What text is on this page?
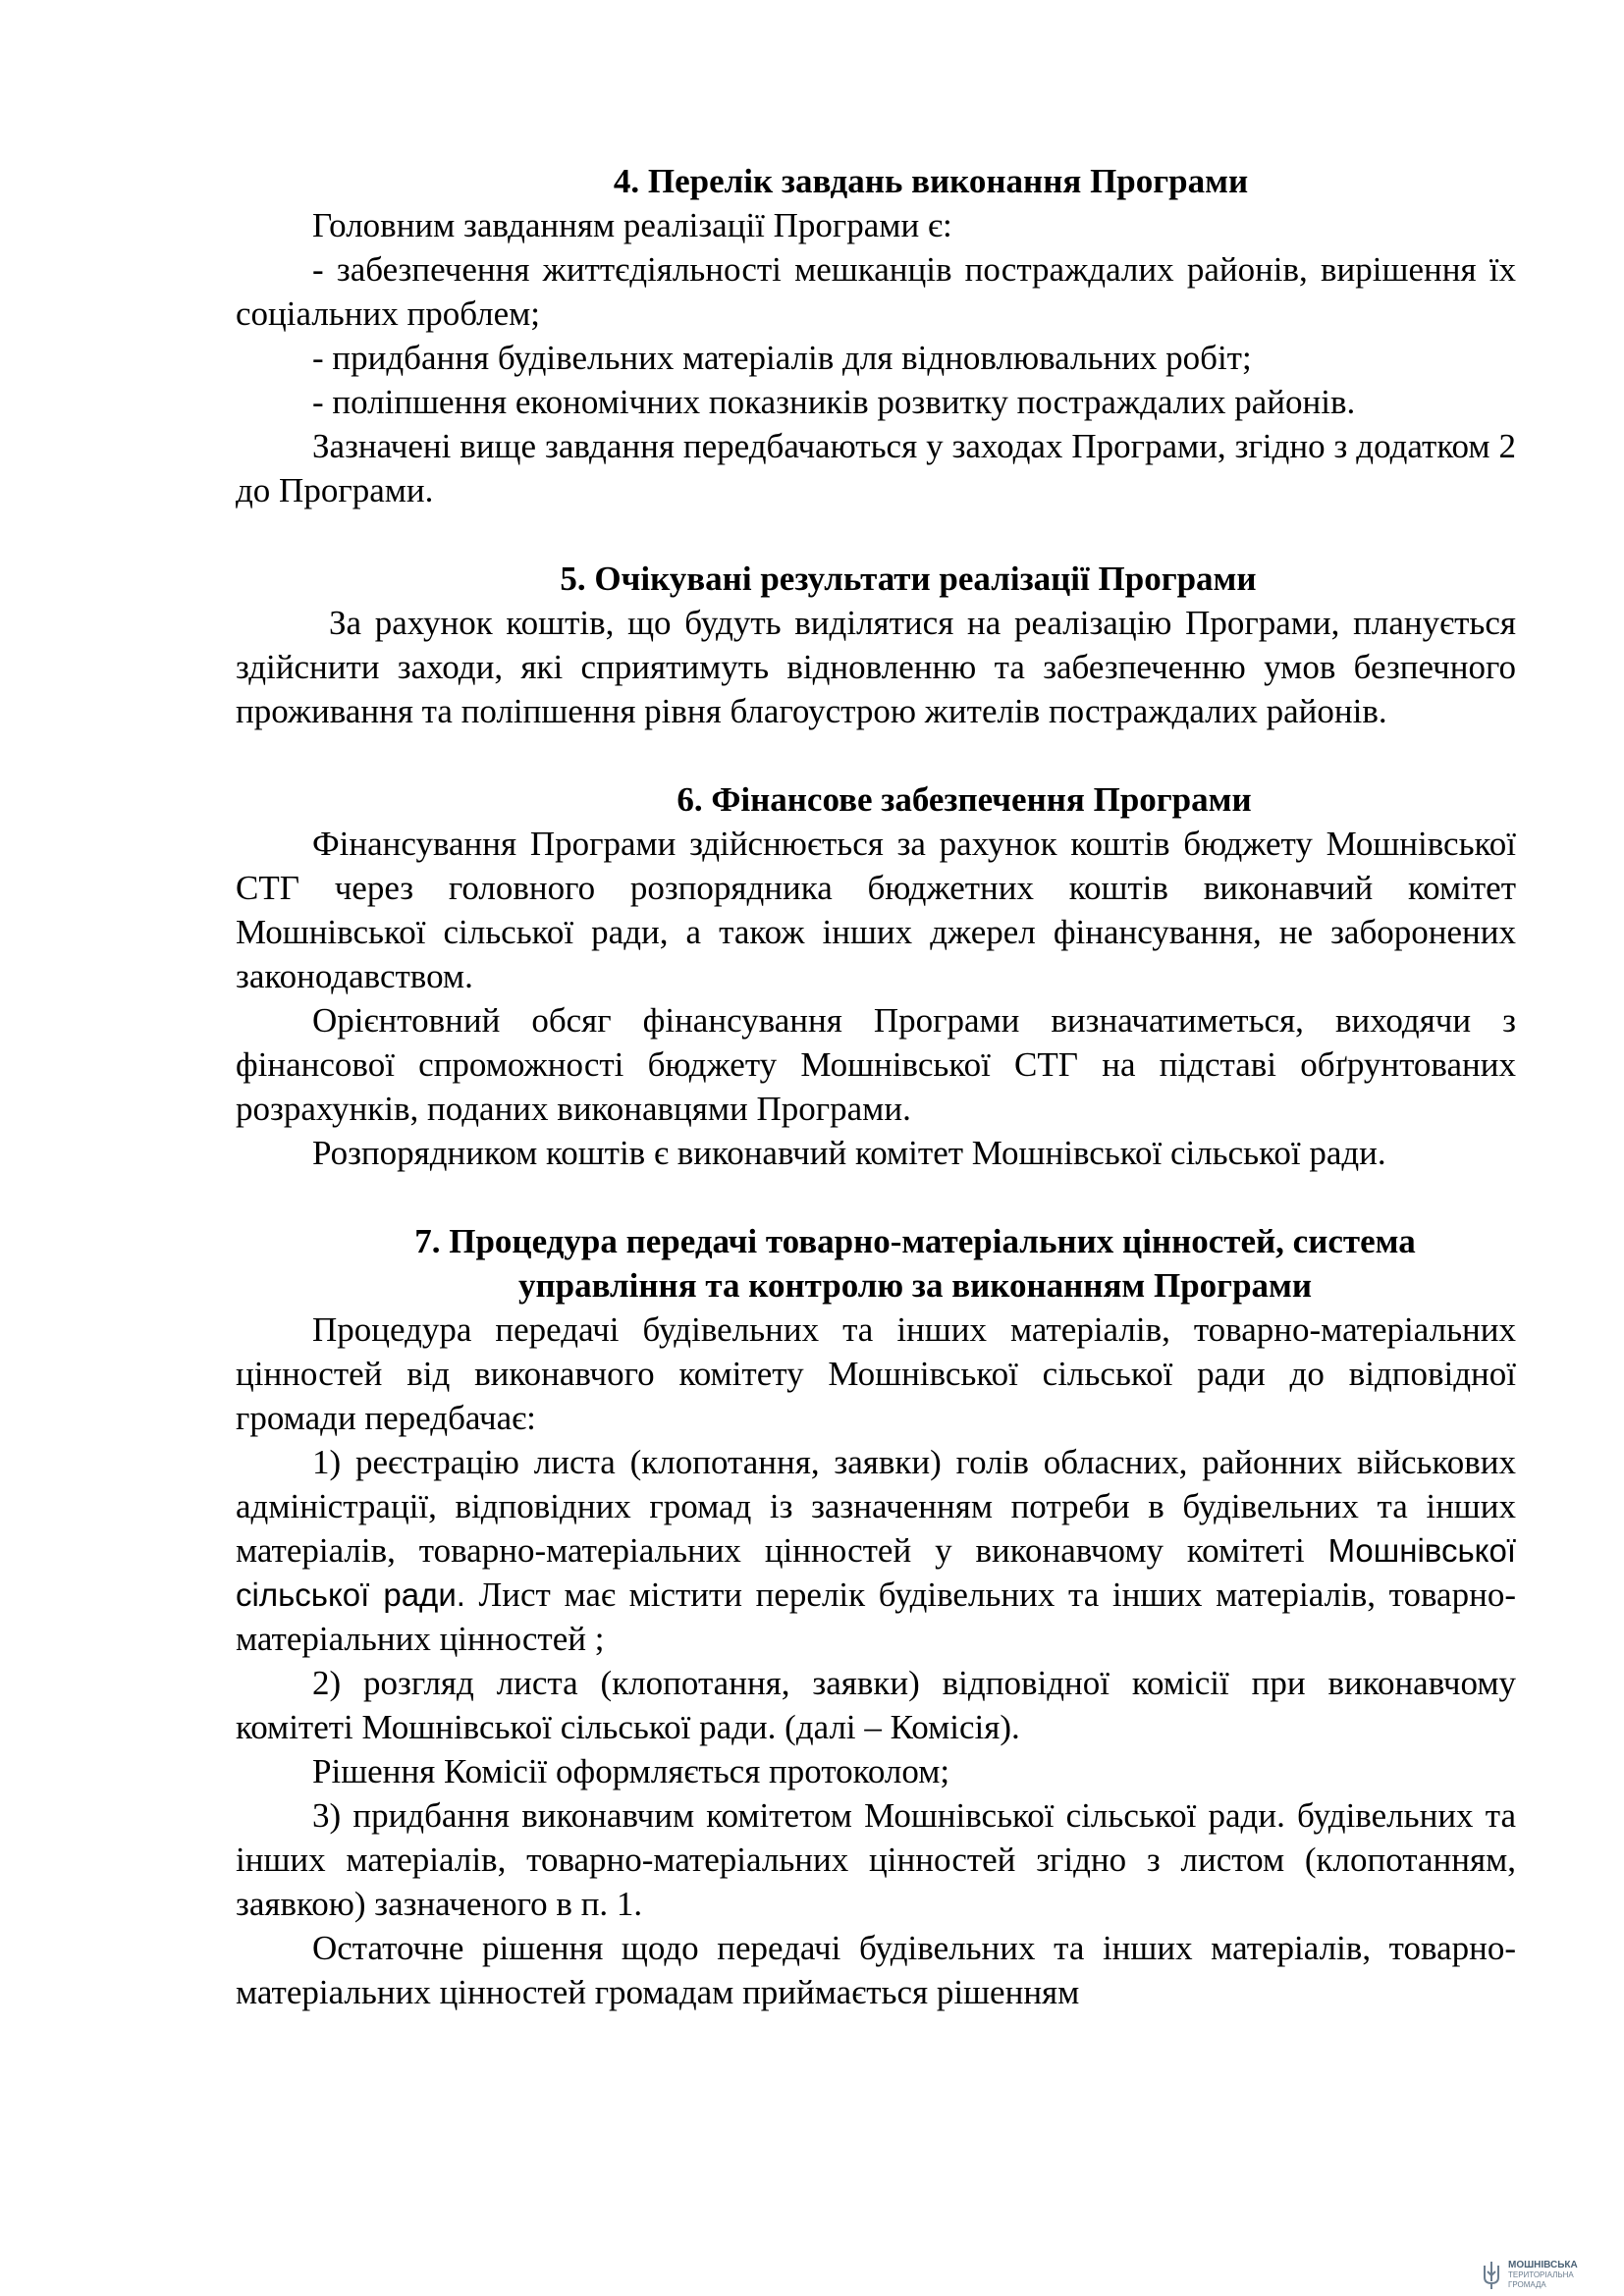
4. Перелік завдань виконання Програми

Головним завданням реалізації Програми є:

- забезпечення життєдіяльності мешканців постраждалих районів, вирішення їх соціальних проблем;

- придбання будівельних матеріалів для відновлювальних робіт;

- поліпшення економічних показників розвитку постраждалих районів.

Зазначені вище завдання передбачаються у заходах Програми, згідно з додатком 2 до Програми.

5. Очікувані результати реалізації Програми

За рахунок коштів, що будуть виділятися на реалізацію Програми, планується здійснити заходи, які сприятимуть відновленню та забезпеченню умов безпечного проживання та поліпшення рівня благоустрою жителів постраждалих районів.

6. Фінансове забезпечення Програми

Фінансування Програми здійснюється за рахунок коштів бюджету Мошнівської СТГ через головного розпорядника бюджетних коштів виконавчий комітет Мошнівської сільської ради, а також інших джерел фінансування, не заборонених законодавством.

Орієнтовний обсяг фінансування Програми визначатиметься, виходячи з фінансової спроможності бюджету Мошнівської СТГ на підставі обґрунтованих розрахунків, поданих виконавцями Програми.

Розпорядником коштів є виконавчий комітет Мошнівської сільської ради.

7. Процедура передачі товарно-матеріальних цінностей, система
управління та контролю за виконанням Програми

Процедура передачі будівельних та інших матеріалів, товарно-матеріальних цінностей від виконавчого комітету Мошнівської сільської ради до відповідної громади передбачає:

1) реєстрацію листа (клопотання, заявки) голів обласних, районних військових адміністрації, відповідних громад із зазначенням потреби в будівельних та інших матеріалів, товарно-матеріальних цінностей у виконавчому комітеті Мошнівської сільської ради. Лист має містити перелік будівельних та інших матеріалів, товарно-матеріальних цінностей ;

2) розгляд листа (клопотання, заявки) відповідної комісії при виконавчому комітеті Мошнівської сільської ради. (далі – Комісія).

Рішення Комісії оформляється протоколом;

3) придбання виконавчим комітетом Мошнівської сільської ради. будівельних та інших матеріалів, товарно-матеріальних цінностей згідно з листом (клопотанням, заявкою) зазначеного в п. 1.

Остаточне рішення щодо передачі будівельних та інших матеріалів, товарно-матеріальних цінностей громадам приймається рішенням

МОШНІВСЬКА
ТЕРИТОРІАЛЬНА
ГРОМАДА
